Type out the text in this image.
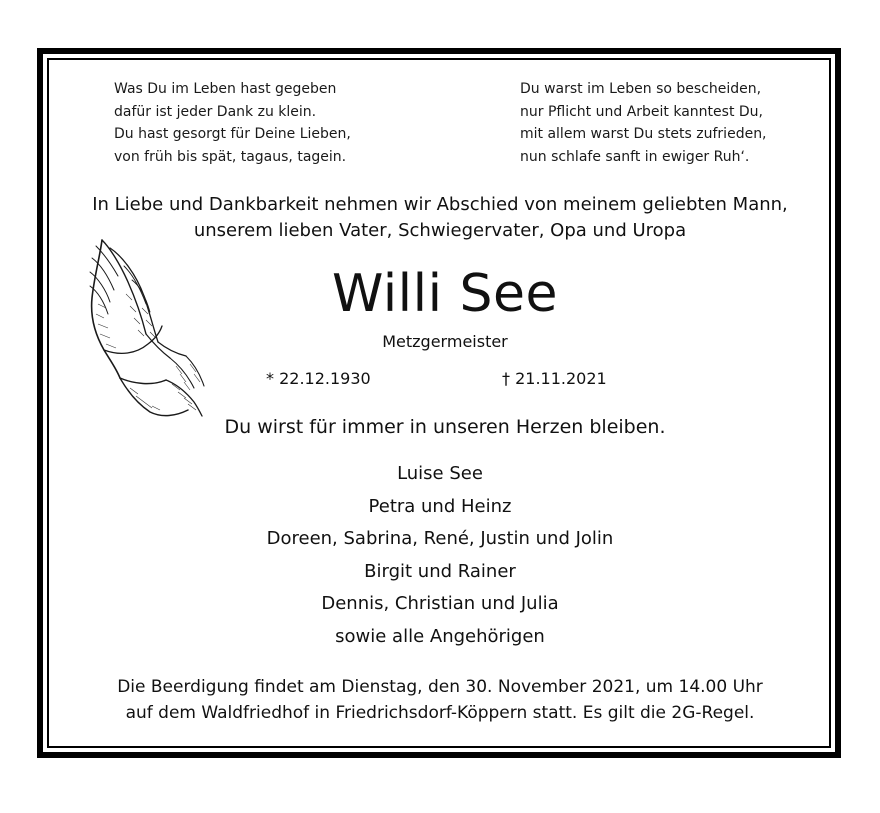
Was Du im Leben hast gegeben
dafür ist jeder Dank zu klein.
Du hast gesorgt für Deine Lieben,
von früh bis spät, tagaus, tagein.
Du warst im Leben so bescheiden,
nur Pflicht und Arbeit kanntest Du,
mit allem warst Du stets zufrieden,
nun schlafe sanft in ewiger Ruh‘.
In Liebe und Dankbarkeit nehmen wir Abschied von meinem geliebten Mann,
unserem lieben Vater, Schwiegervater, Opa und Uropa
Willi See
Metzgermeister
* 22.12.1930	† 21.11.2021
Du wirst für immer in unseren Herzen bleiben.
Luise See
Petra und Heinz
Doreen, Sabrina, René, Justin und Jolin
Birgit und Rainer
Dennis, Christian und Julia
sowie alle Angehörigen
Die Beerdigung findet am Dienstag, den 30. November 2021, um 14.00 Uhr
auf dem Waldfriedhof in Friedrichsdorf-Köppern statt. Es gilt die 2G-Regel.
